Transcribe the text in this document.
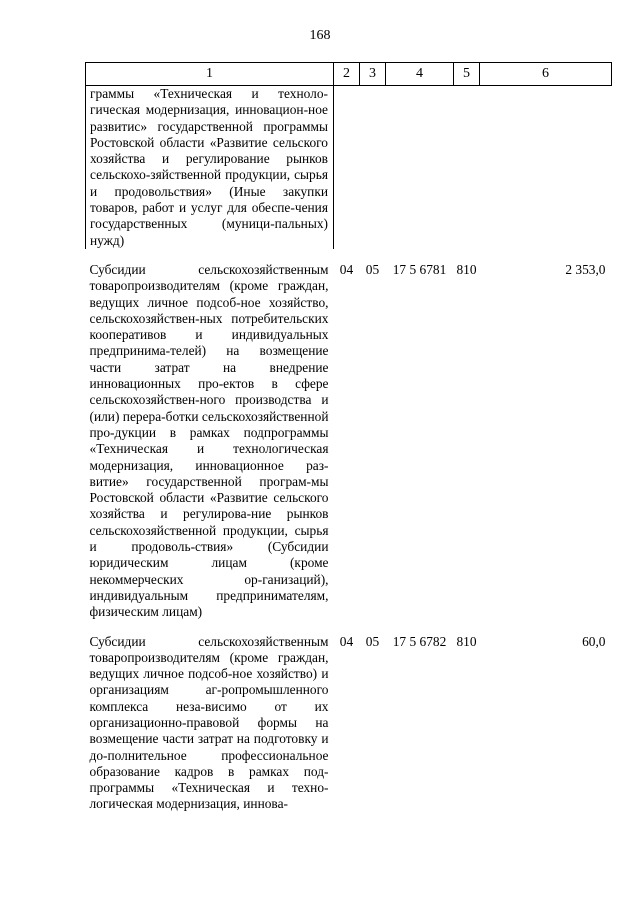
168
1	2	3	4	5	6
граммы «Техническая и техноло-гическая модернизация, инновацион-ное развитис» государственной программы Ростовской области «Развитие сельского хозяйства и регулирование рынков сельскохо-зяйственной продукции, сырья и продовольствия» (Иные закупки товаров, работ и услуг для обеспе-чения государственных (муници-пальных) нужд)					
Субсидии сельскохозяйственным товаропроизводителям (кроме граждан, ведущих личное подсоб-ное хозяйство, сельскохозяйствен-ных потребительских кооперативов и индивидуальных предпринима-телей) на возмещение части затрат на внедрение инновационных про-ектов в сфере сельскохозяйствен-ного производства и (или) перера-ботки сельскохозяйственной про-дукции в рамках подпрограммы «Техническая и технологическая модернизация, инновационное раз-витие» государственной програм-мы Ростовской области «Развитие сельского хозяйства и регулирова-ние рынков сельскохозяйственной продукции, сырья и продоволь-ствия» (Субсидии юридическим лицам (кроме некоммерческих ор-ганизаций), индивидуальным предпринимателям, физическим лицам)	04	05	17 5 6781	810	2 353,0
Субсидии сельскохозяйственным товаропроизводителям (кроме граждан, ведущих личное подсоб-ное хозяйство) и организациям аг-ропромышленного комплекса неза-висимо от их организационно-правовой формы на возмещение части затрат на подготовку и до-полнительное профессиональное образование кадров в рамках под-программы «Техническая и техно-логическая модернизация, иннова-	04	05	17 5 6782	810	60,0
